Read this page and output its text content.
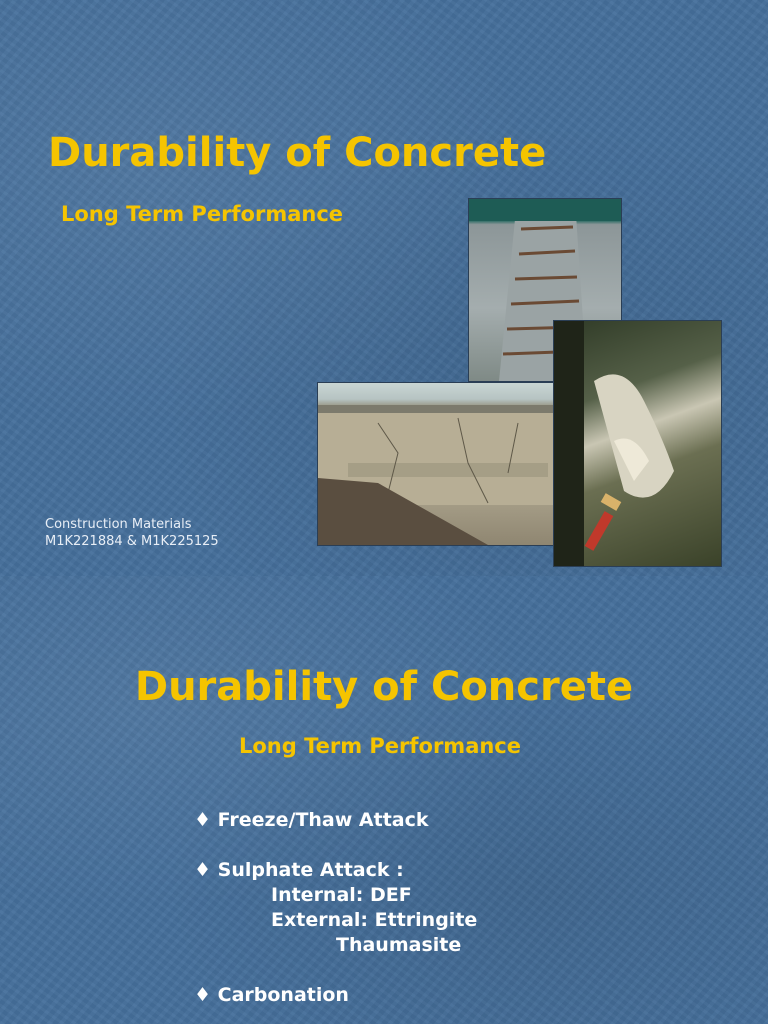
Durability of Concrete
Long Term Performance
Construction Materials
M1K221884 & M1K225125
Durability of Concrete
Long Term Performance
♦ Freeze/Thaw Attack
♦ Sulphate Attack :
Internal: DEF
External: Ettringite
Thaumasite
♦ Carbonation
